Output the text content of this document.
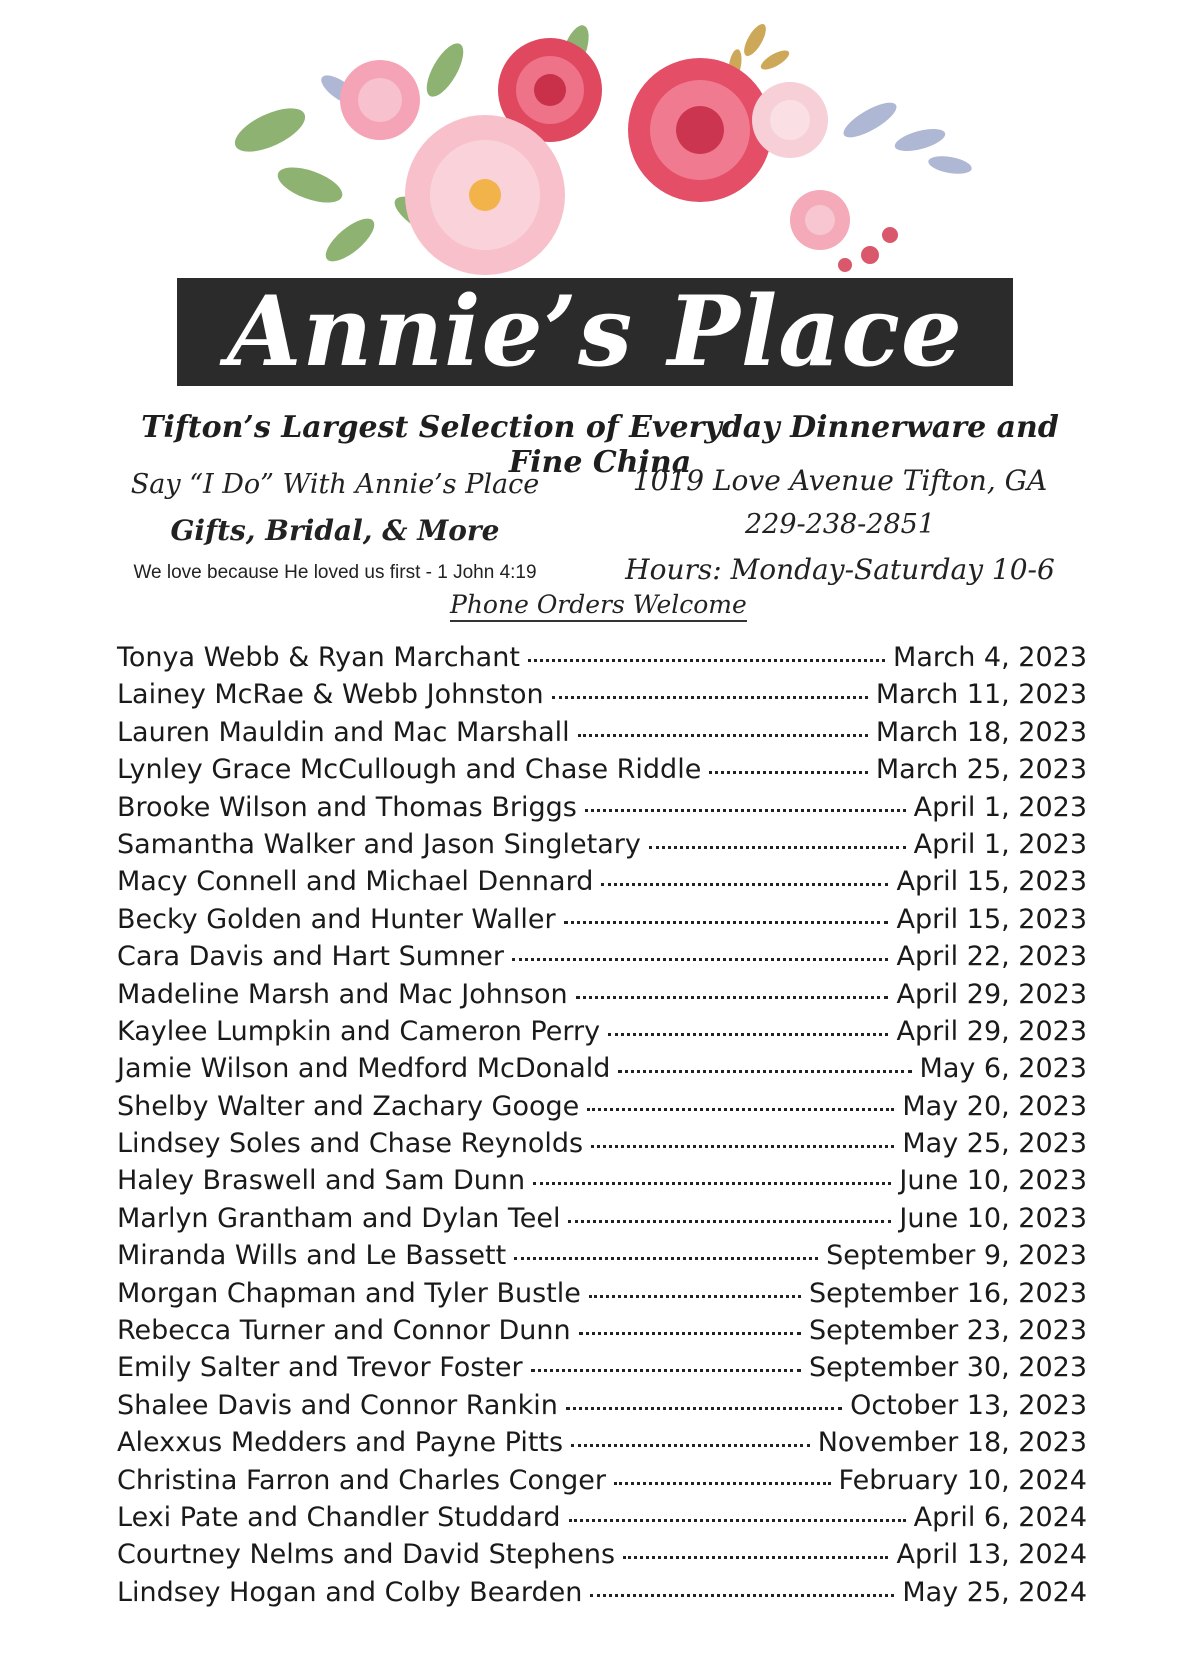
Annie’s Place
Tifton’s Largest Selection of Everyday Dinnerware and Fine China
Say “I Do” With Annie’s Place
Gifts, Bridal, & More
We love because He loved us first - 1 John 4:19
1019 Love Avenue Tifton, GA
229-238-2851
Hours: Monday-Saturday 10-6
Phone Orders Welcome
Tonya Webb & Ryan Marchant	March 4, 2023
Lainey McRae & Webb Johnston	March 11, 2023
Lauren Mauldin and Mac Marshall	March 18, 2023
Lynley Grace McCullough and Chase Riddle	March 25, 2023
Brooke Wilson and Thomas Briggs	April 1, 2023
Samantha Walker and Jason Singletary	April 1, 2023
Macy Connell and Michael Dennard	April 15, 2023
Becky Golden and Hunter Waller	April 15, 2023
Cara Davis and Hart Sumner	April 22, 2023
Madeline Marsh and Mac Johnson	April 29, 2023
Kaylee Lumpkin and Cameron Perry	April 29, 2023
Jamie Wilson and Medford McDonald	May 6, 2023
Shelby Walter and Zachary Googe	May 20, 2023
Lindsey Soles and Chase Reynolds	May 25, 2023
Haley Braswell and Sam Dunn	June 10, 2023
Marlyn Grantham and Dylan Teel	June 10, 2023
Miranda Wills and Le Bassett	September 9, 2023
Morgan Chapman and Tyler Bustle	September 16, 2023
Rebecca Turner and Connor Dunn	September 23, 2023
Emily Salter and Trevor Foster	September 30, 2023
Shalee Davis and Connor Rankin	October 13, 2023
Alexxus Medders and Payne Pitts	November 18, 2023
Christina Farron and Charles Conger	February 10, 2024
Lexi Pate and Chandler Studdard	April 6, 2024
Courtney Nelms and David Stephens	April 13, 2024
Lindsey Hogan and Colby Bearden	May 25, 2024
